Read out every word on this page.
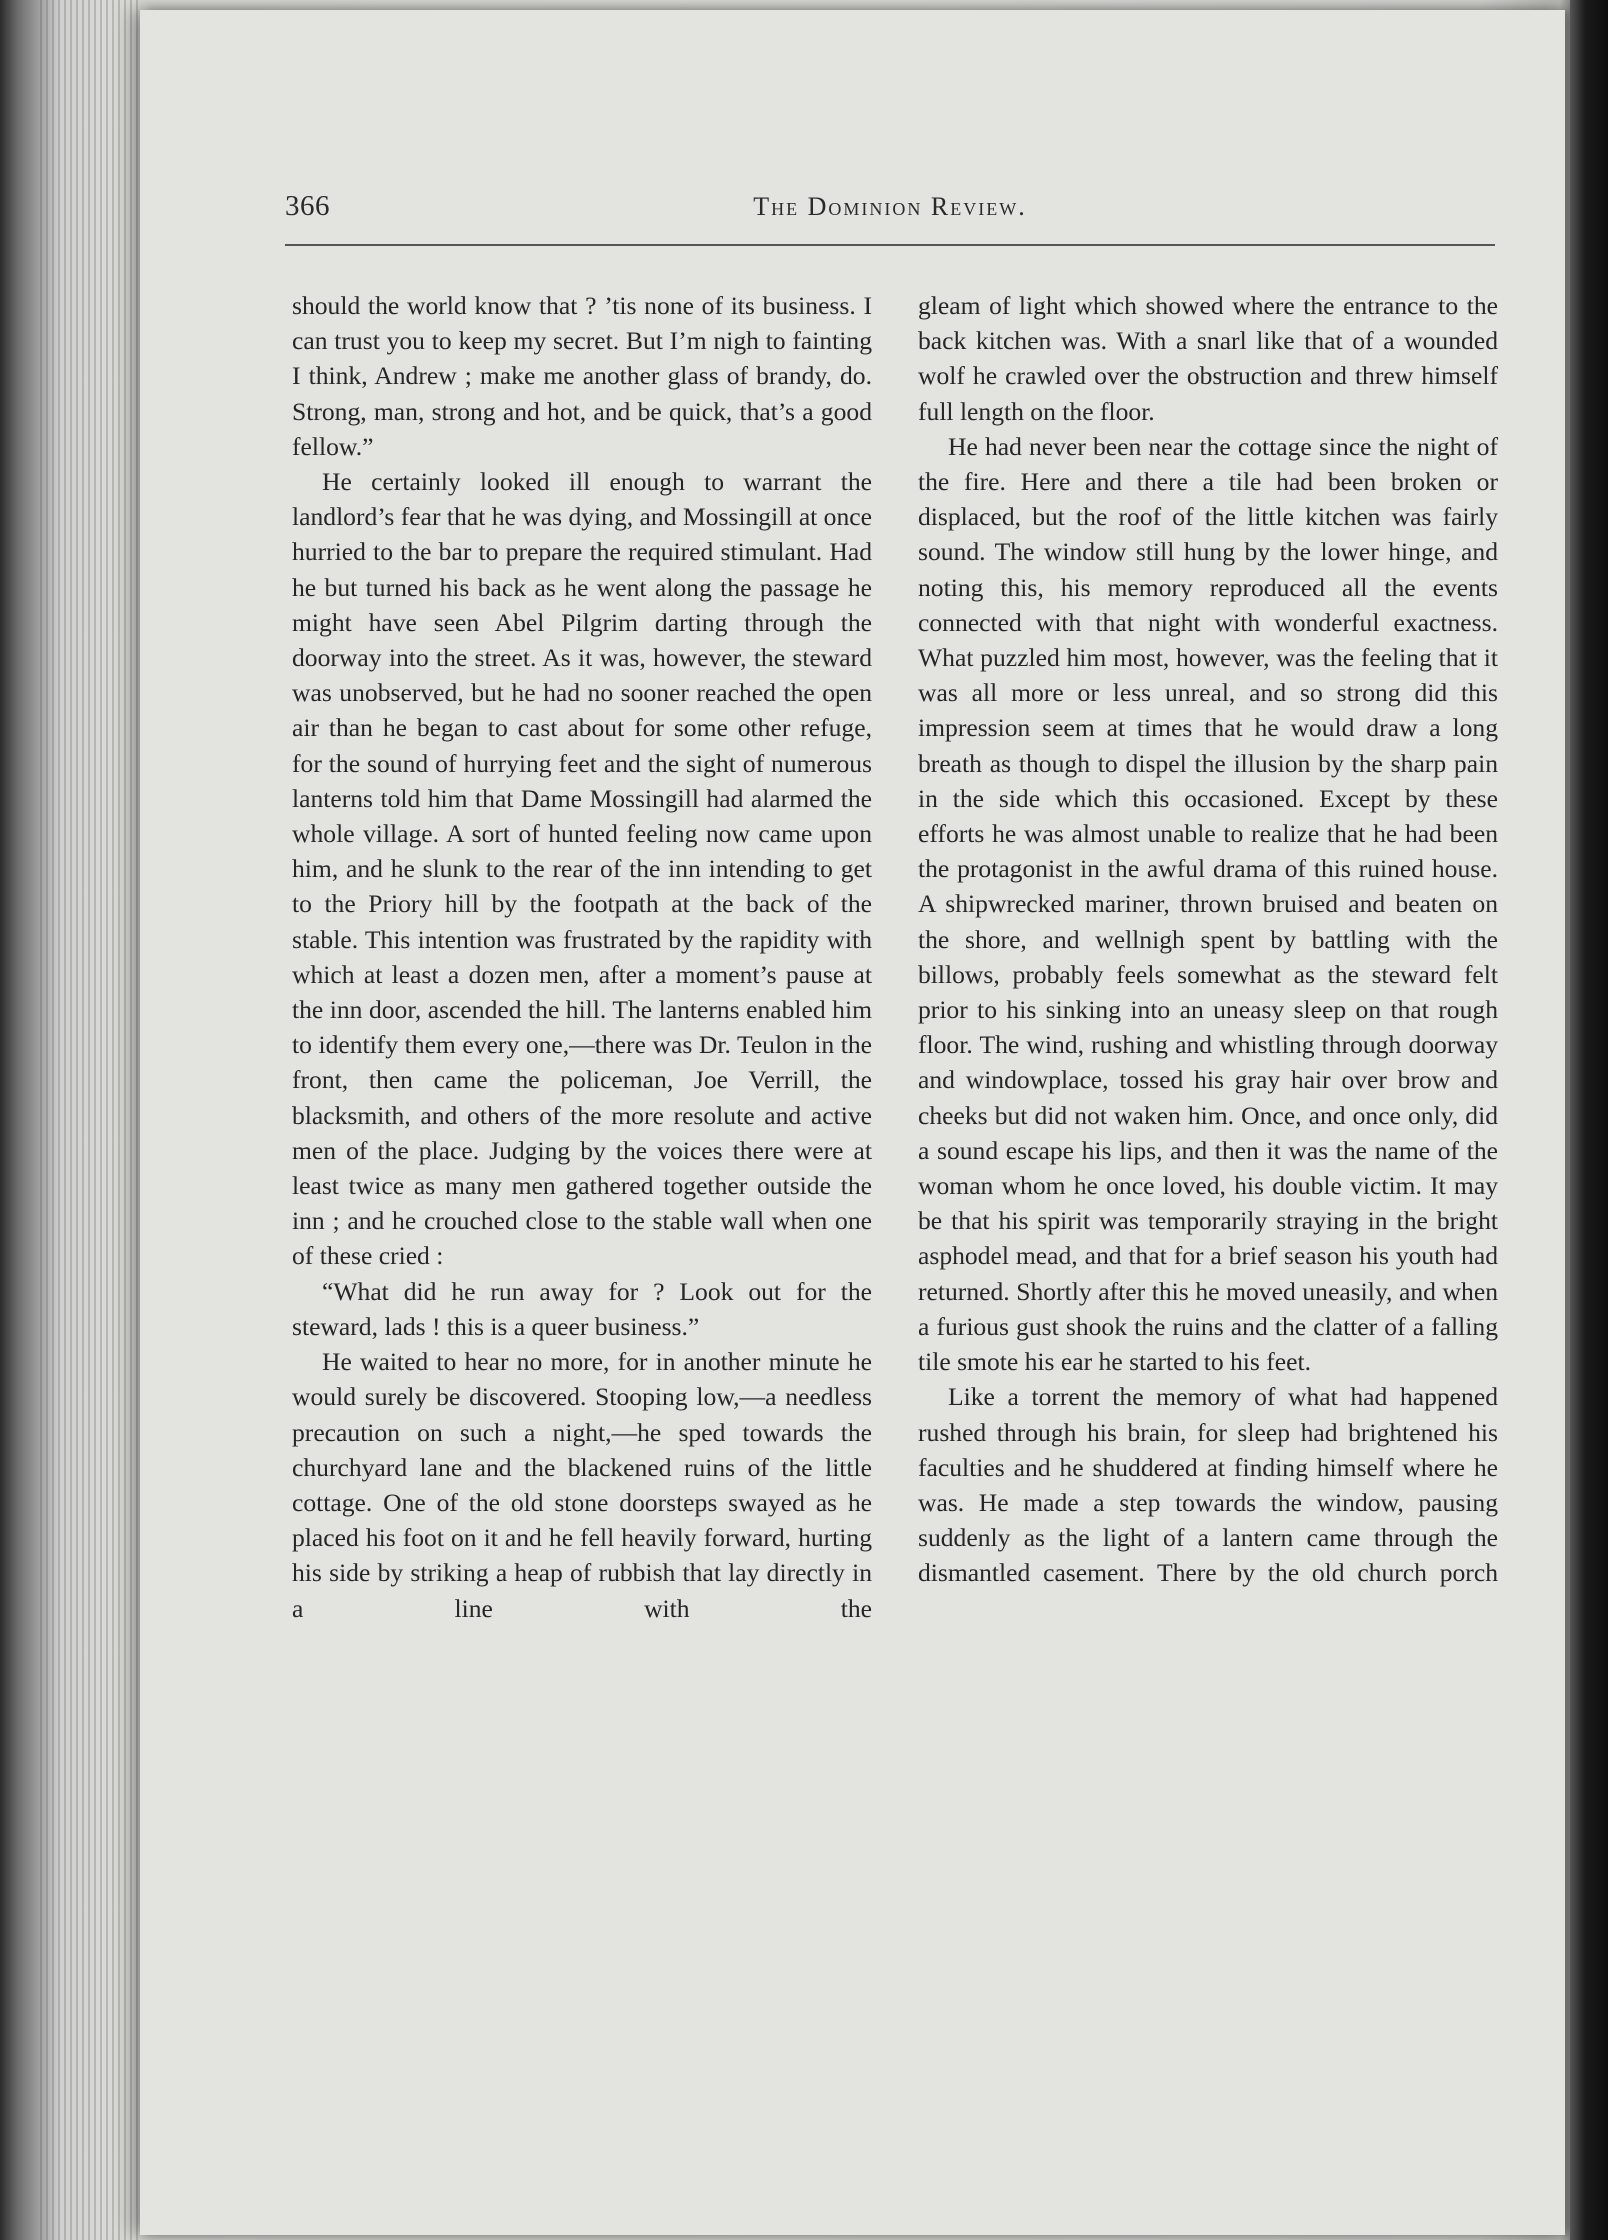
366	The Dominion Review.

should the world know that ? ’tis none of its business. I can trust you to keep my secret. But I’m nigh to fainting I think, Andrew ; make me another glass of brandy, do. Strong, man, strong and hot, and be quick, that’s a good fellow.”

He certainly looked ill enough to warrant the landlord’s fear that he was dying, and Mossingill at once hurried to the bar to prepare the required stimulant. Had he but turned his back as he went along the passage he might have seen Abel Pilgrim darting through the doorway into the street. As it was, however, the steward was unobserved, but he had no sooner reached the open air than he began to cast about for some other refuge, for the sound of hurrying feet and the sight of numerous lanterns told him that Dame Mossingill had alarmed the whole village. A sort of hunted feeling now came upon him, and he slunk to the rear of the inn intending to get to the Priory hill by the footpath at the back of the stable. This intention was frustrated by the rapidity with which at least a dozen men, after a moment’s pause at the inn door, ascended the hill. The lanterns enabled him to identify them every one,—there was Dr. Teulon in the front, then came the policeman, Joe Verrill, the blacksmith, and others of the more resolute and active men of the place. Judging by the voices there were at least twice as many men gathered together outside the inn ; and he crouched close to the stable wall when one of these cried :

“What did he run away for ? Look out for the steward, lads ! this is a queer business.”

He waited to hear no more, for in another minute he would surely be discovered. Stooping low,—a needless precaution on such a night,—he sped towards the churchyard lane and the blackened ruins of the little cottage. One of the old stone doorsteps swayed as he placed his foot on it and he fell heavily forward, hurting his side by striking a heap of rubbish that lay directly in a line with the

gleam of light which showed where the entrance to the back kitchen was. With a snarl like that of a wounded wolf he crawled over the obstruction and threw himself full length on the floor.

He had never been near the cottage since the night of the fire. Here and there a tile had been broken or displaced, but the roof of the little kitchen was fairly sound. The window still hung by the lower hinge, and noting this, his memory reproduced all the events connected with that night with wonderful exactness. What puzzled him most, however, was the feeling that it was all more or less unreal, and so strong did this impression seem at times that he would draw a long breath as though to dispel the illusion by the sharp pain in the side which this occasioned. Except by these efforts he was almost unable to realize that he had been the protagonist in the awful drama of this ruined house. A shipwrecked mariner, thrown bruised and beaten on the shore, and wellnigh spent by battling with the billows, probably feels somewhat as the steward felt prior to his sinking into an uneasy sleep on that rough floor. The wind, rushing and whistling through doorway and windowplace, tossed his gray hair over brow and cheeks but did not waken him. Once, and once only, did a sound escape his lips, and then it was the name of the woman whom he once loved, his double victim. It may be that his spirit was temporarily straying in the bright asphodel mead, and that for a brief season his youth had returned. Shortly after this he moved uneasily, and when a furious gust shook the ruins and the clatter of a falling tile smote his ear he started to his feet.

Like a torrent the memory of what had happened rushed through his brain, for sleep had brightened his faculties and he shuddered at finding himself where he was. He made a step towards the window, pausing suddenly as the light of a lantern came through the dismantled casement. There by the old church porch
